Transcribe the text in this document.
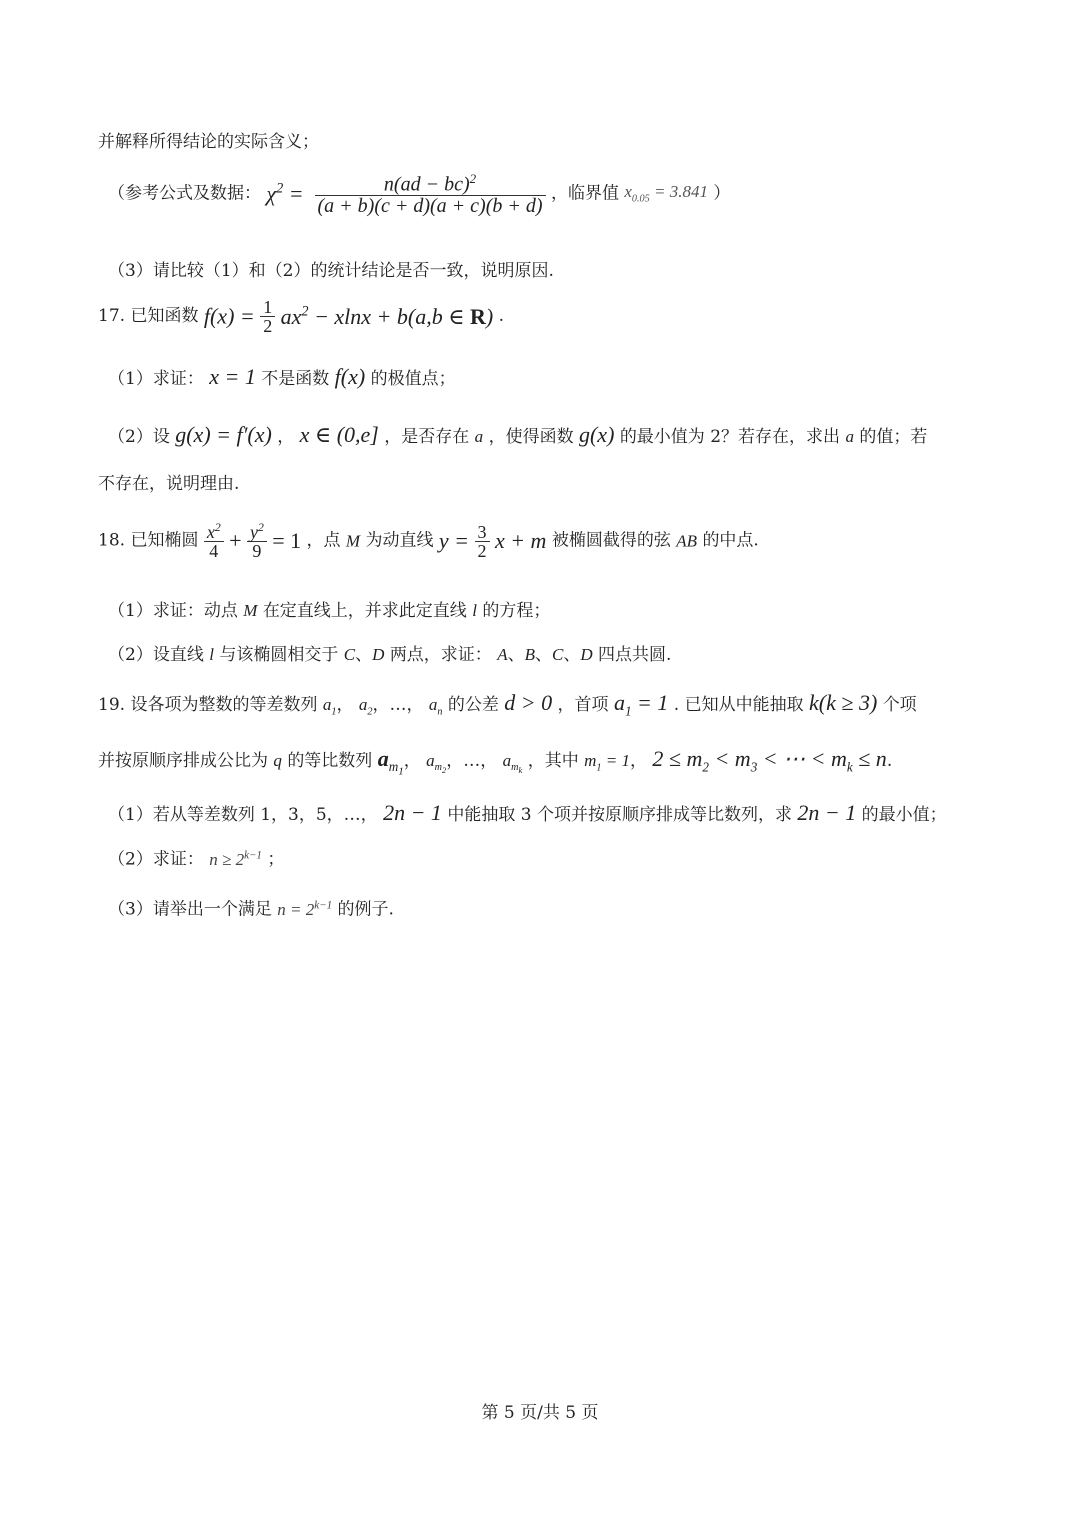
并解释所得结论的实际含义；
（参考公式及数据： $\chi^2 = \frac{n(ad - bc)^2}{(a + b)(c + d)(a + c)(b + d)}$ ，临界值 $x_{0.05} = 3.841$ ）
（3）请比较（1）和（2）的统计结论是否一致，说明原因.
17. 已知函数 $f(x) = \frac{1}{2} ax^2 - xlnx + b(a,b$ ∈ R) .
（1）求证： x = 1 不是函数 f(x) 的极值点；
（2）设 g(x) = f′(x) ， x ∈ (0,e] ，是否存在 a ，使得函数 g(x) 的最小值为 2？若存在，求出 a 的值；若
不存在，说明理由.
18. 已知椭圆 $\frac{x^2}{4} + \frac{y^2}{9} = 1$ ，点 M 为动直线 $y = \frac{3}{2}$ x + m 被椭圆截得的弦 AB 的中点.
（1）求证：动点 M 在定直线上，并求此定直线 l 的方程；
（2）设直线 l 与该椭圆相交于 C、D 两点，求证： A、B、C、D 四点共圆.
19. 设各项为整数的等差数列 $a_1$， $a_2$，…， $a_n$ 的公差 d > 0 ，首项 $a_1 = 1$ . 已知从中能抽取 k(k ≥ 3) 个项
并按原顺序排成公比为 q 的等比数列 $a_{m_1}$， $a_{m_2}$，…， $a_{m_k}$ ，其中 $m_1 = 1$， $2 \le m_2 < m_3$ < ⋯ < $m_k \le n$.
（1）若从等差数列 1，3，5，…， 2n − 1 中能抽取 3 个项并按原顺序排成等比数列，求 2n − 1 的最小值；
（2）求证： $n \ge 2^{k-1}$ ；
（3）请举出一个满足 $n = 2^{k-1}$ 的例子.
第 5 页/共 5 页
